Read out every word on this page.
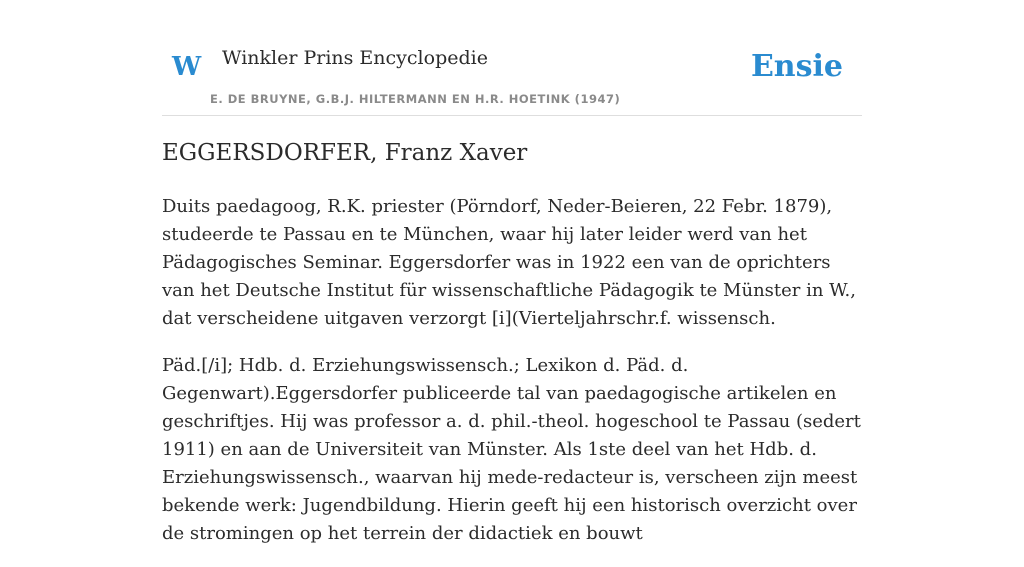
W Winkler Prins Encyclopedie
E. DE BRUYNE, G.B.J. HILTERMANN EN H.R. HOETINK (1947)
Ensie
EGGERSDORFER, Franz Xaver

Duits paedagoog, R.K. priester (Pörndorf, Neder-Beieren, 22 Febr. 1879), studeerde te Passau en te München, waar hij later leider werd van het Pädagogisches Seminar. Eggersdorfer was in 1922 een van de oprichters van het Deutsche Institut für wissenschaftliche Pädagogik te Münster in W., dat verscheidene uitgaven verzorgt [i](Vierteljahrschr.f. wissensch.

Päd.[/i]; Hdb. d. Erziehungswissensch.; Lexikon d. Päd. d. Gegenwart).Eggersdorfer publiceerde tal van paedagogische artikelen en geschriftjes. Hij was professor a. d. phil.-theol. hogeschool te Passau (sedert 1911) en aan de Universiteit van Münster. Als 1ste deel van het Hdb. d. Erziehungswissensch., waarvan hij mede-redacteur is, verscheen zijn meest bekende werk: Jugendbildung. Hierin geeft hij een historisch overzicht over de stromingen op het terrein der didactiek en bouwt
